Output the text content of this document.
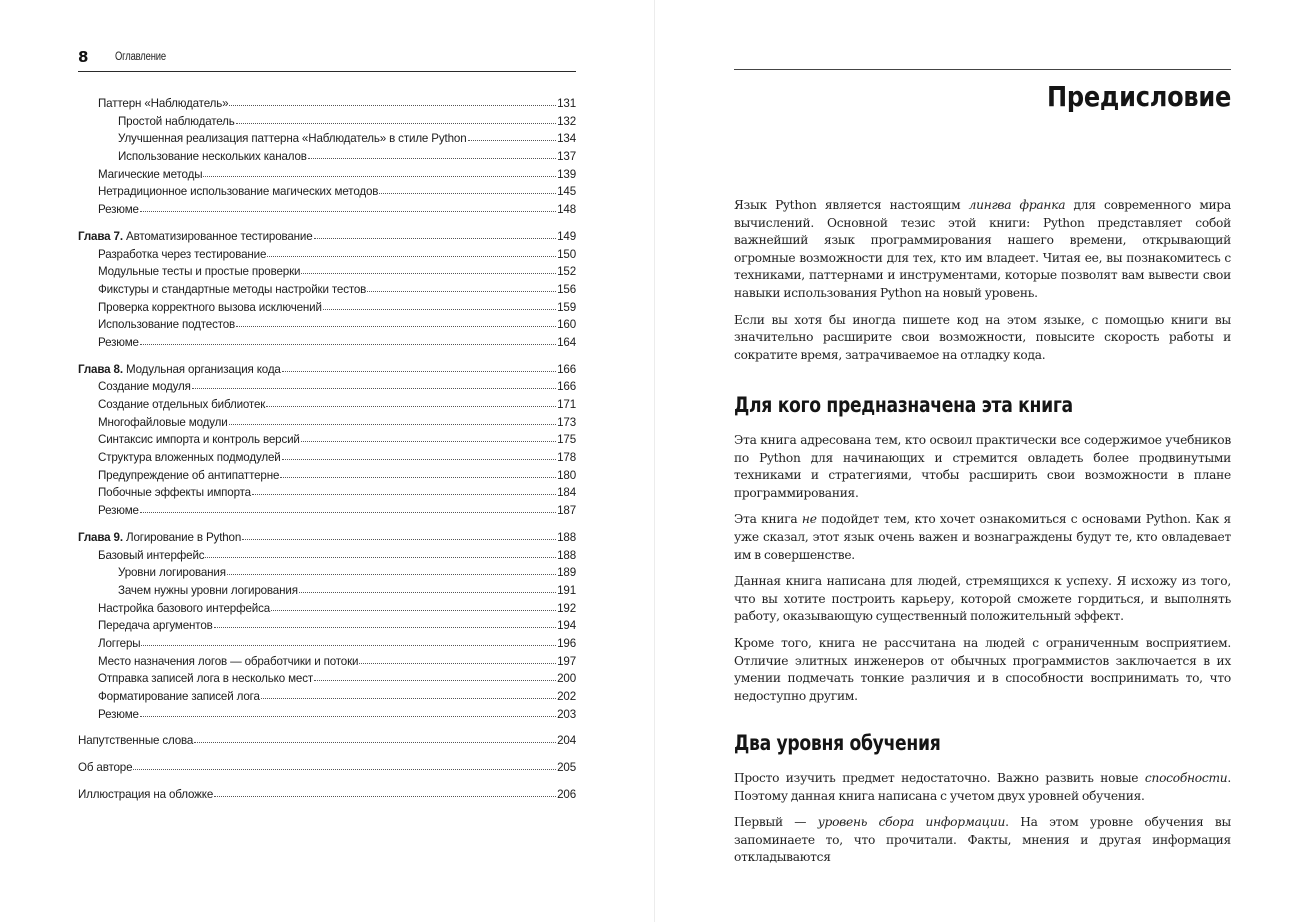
8 Оглавление
Паттерн «Наблюдатель»	131
Простой наблюдатель	132
Улучшенная реализация паттерна «Наблюдатель» в стиле Python	134
Использование нескольких каналов	137
Магические методы	139
Нетрадиционное использование магических методов	145
Резюме	148
Глава 7. Автоматизированное тестирование	149
Разработка через тестирование	150
Модульные тесты и простые проверки	152
Фикстуры и стандартные методы настройки тестов	156
Проверка корректного вызова исключений	159
Использование подтестов	160
Резюме	164
Глава 8. Модульная организация кода	166
Создание модуля	166
Создание отдельных библиотек	171
Многофайловые модули	173
Синтаксис импорта и контроль версий	175
Структура вложенных подмодулей	178
Предупреждение об антипаттерне	180
Побочные эффекты импорта	184
Резюме	187
Глава 9. Логирование в Python	188
Базовый интерфейс	188
Уровни логирования	189
Зачем нужны уровни логирования	191
Настройка базового интерфейса	192
Передача аргументов	194
Логгеры	196
Место назначения логов — обработчики и потоки	197
Отправка записей лога в несколько мест	200
Форматирование записей лога	202
Резюме	203
Напутственные слова	204
Об авторе	205
Иллюстрация на обложке	206
Предисловие

Язык Python является настоящим лингва франка для современного мира вычислений. Основной тезис этой книги: Python представляет собой важнейший язык программирования нашего времени, открывающий огромные возможности для тех, кто им владеет. Читая ее, вы познакомитесь с техниками, паттернами и инструментами, которые позволят вам вывести свои навыки использования Python на новый уровень.

Если вы хотя бы иногда пишете код на этом языке, с помощью книги вы значительно расширите свои возможности, повысите скорость работы и сократите время, затрачиваемое на отладку кода.

Для кого предназначена эта книга

Эта книга адресована тем, кто освоил практически все содержимое учебников по Python для начинающих и стремится овладеть более продвинутыми техниками и стратегиями, чтобы расширить свои возможности в плане программирования.

Эта книга не подойдет тем, кто хочет ознакомиться с основами Python. Как я уже сказал, этот язык очень важен и вознаграждены будут те, кто овладевает им в совершенстве.

Данная книга написана для людей, стремящихся к успеху. Я исхожу из того, что вы хотите построить карьеру, которой сможете гордиться, и выполнять работу, оказывающую существенный положительный эффект.

Кроме того, книга не рассчитана на людей с ограниченным восприятием. Отличие элитных инженеров от обычных программистов заключается в их умении подмечать тонкие различия и в способности воспринимать то, что недоступно другим.

Два уровня обучения

Просто изучить предмет недостаточно. Важно развить новые способности. Поэтому данная книга написана с учетом двух уровней обучения.

Первый — уровень сбора информации. На этом уровне обучения вы запоминаете то, что прочитали. Факты, мнения и другая информация откладываются
